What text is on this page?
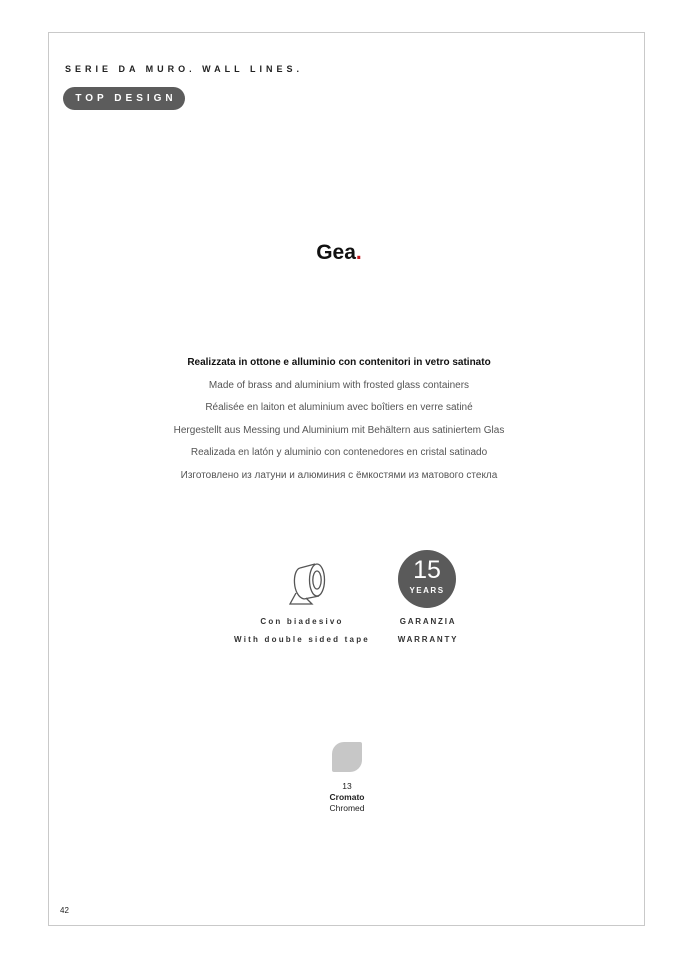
SERIE DA MURO. WALL LINES.
TOP DESIGN
Gea.
Realizzata in ottone e alluminio con contenitori in vetro satinato
Made of brass and aluminium with frosted glass containers
Réalisée en laiton et aluminium avec boîtiers en verre satiné
Hergestellt aus Messing und Aluminium mit Behältern aus satiniertem Glas
Realizada en latón y aluminio con contenedores en cristal satinado
Изготовлено из латуни и алюминия с ёмкостями из матового стекла
Con biadesivo
With double sided tape
15
YEARS
GARANZIA
WARRANTY
13
Cromato
Chromed
42
